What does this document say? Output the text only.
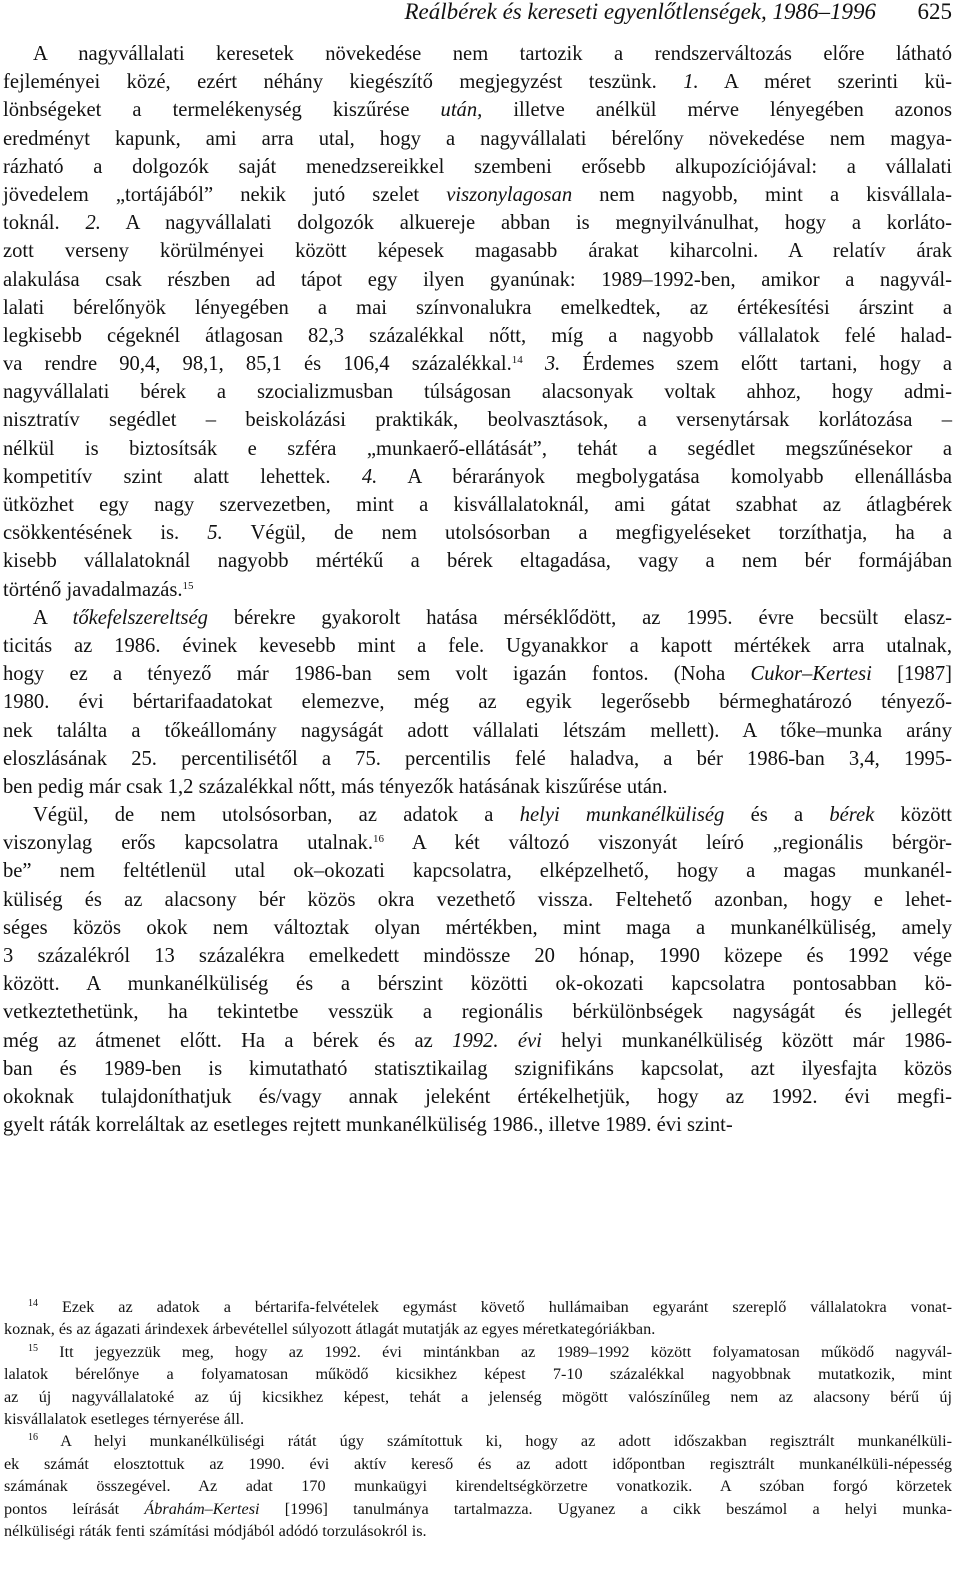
Reálbérek és kereseti egyenlőtlenségek, 1986–1996 625
A nagyvállalati keresetek növekedése nem tartozik a rendszerváltozás előre látható
fejleményei közé, ezért néhány kiegészítő megjegyzést teszünk. 1. A méret szerinti kü-
lönbségeket a termelékenység kiszűrése után, illetve anélkül mérve lényegében azonos
eredményt kapunk, ami arra utal, hogy a nagyvállalati bérelőny növekedése nem magya-
rázható a dolgozók saját menedzsereikkel szembeni erősebb alkupozíciójával: a vállalati
jövedelem „tortájából” nekik jutó szelet viszonylagosan nem nagyobb, mint a kisvállala-
toknál. 2. A nagyvállalati dolgozók alkuereje abban is megnyilvánulhat, hogy a korláto-
zott verseny körülményei között képesek magasabb árakat kiharcolni. A relatív árak
alakulása csak részben ad tápot egy ilyen gyanúnak: 1989–1992-ben, amikor a nagyvál-
lalati bérelőnyök lényegében a mai színvonalukra emelkedtek, az értékesítési árszint a
legkisebb cégeknél átlagosan 82,3 százalékkal nőtt, míg a nagyobb vállalatok felé halad-
va rendre 90,4, 98,1, 85,1 és 106,4 százalékkal.$^{14}$ 3. Érdemes szem előtt tartani, hogy a
nagyvállalati bérek a szocializmusban túlságosan alacsonyak voltak ahhoz, hogy admi-
nisztratív segédlet – beiskolázási praktikák, beolvasztások, a versenytársak korlátozása –
nélkül is biztosítsák e szféra „munkaerő-ellátását”, tehát a segédlet megszűnésekor a
kompetitív szint alatt lehettek. 4. A bérarányok megbolygatása komolyabb ellenállásba
ütközhet egy nagy szervezetben, mint a kisvállalatoknál, ami gátat szabhat az átlagbérek
csökkentésének is. 5. Végül, de nem utolsósorban a megfigyeléseket torzíthatja, ha a
kisebb vállalatoknál nagyobb mértékű a bérek eltagadása, vagy a nem bér formájában
történő javadalmazás.$^{15}$
A tőkefelszereltség bérekre gyakorolt hatása mérséklődött, az 1995. évre becsült elasz-
ticitás az 1986. évinek kevesebb mint a fele. Ugyanakkor a kapott mértékek arra utalnak,
hogy ez a tényező már 1986-ban sem volt igazán fontos. (Noha Cukor–Kertesi [1987]
1980. évi bértarifaadatokat elemezve, még az egyik legerősebb bérmeghatározó tényező-
nek találta a tőkeállomány nagyságát adott vállalati létszám mellett). A tőke–munka arány
eloszlásának 25. percentilisétől a 75. percentilis felé haladva, a bér 1986-ban 3,4, 1995-
ben pedig már csak 1,2 százalékkal nőtt, más tényezők hatásának kiszűrése után.
Végül, de nem utolsósorban, az adatok a helyi munkanélküliség és a bérek között
viszonylag erős kapcsolatra utalnak.$^{16}$ A két változó viszonyát leíró „regionális bérgör-
be” nem feltétlenül utal ok–okozati kapcsolatra, elképzelhető, hogy a magas munkanél-
küliség és az alacsony bér közös okra vezethető vissza. Feltehető azonban, hogy e lehet-
séges közös okok nem változtak olyan mértékben, mint maga a munkanélküliség, amely
3 százalékról 13 százalékra emelkedett mindössze 20 hónap, 1990 közepe és 1992 vége
között. A munkanélküliség és a bérszint közötti ok-okozati kapcsolatra pontosabban kö-
vetkeztethetünk, ha tekintetbe vesszük a regionális bérkülönbségek nagyságát és jellegét
még az átmenet előtt. Ha a bérek és az 1992. évi helyi munkanélküliség között már 1986-
ban és 1989-ben is kimutatható statisztikailag szignifikáns kapcsolat, azt ilyesfajta közös
okoknak tulajdoníthatjuk és/vagy annak jeleként értékelhetjük, hogy az 1992. évi megfi-
gyelt ráták korreláltak az esetleges rejtett munkanélküliség 1986., illetve 1989. évi szint-
$^{14}$ Ezek az adatok a bértarifa-felvételek egymást követő hullámaiban egyaránt szereplő vállalatokra vonat-
koznak, és az ágazati árindexek árbevétellel súlyozott átlagát mutatják az egyes méretkategóriákban.
$^{15}$ Itt jegyezzük meg, hogy az 1992. évi mintánkban az 1989–1992 között folyamatosan működő nagyvál-
lalatok bérelőnye a folyamatosan működő kicsikhez képest 7-10 százalékkal nagyobbnak mutatkozik, mint
az új nagyvállalatoké az új kicsikhez képest, tehát a jelenség mögött valószínűleg nem az alacsony bérű új
kisvállalatok esetleges térnyerése áll.
$^{16}$ A helyi munkanélküliségi rátát úgy számítottuk ki, hogy az adott időszakban regisztrált munkanélküli-
ek számát elosztottuk az 1990. évi aktív kereső és az adott időpontban regisztrált munkanélküli-népesség
számának összegével. Az adat 170 munkaügyi kirendeltségkörzetre vonatkozik. A szóban forgó körzetek
pontos leírását Ábrahám–Kertesi [1996] tanulmánya tartalmazza. Ugyanez a cikk beszámol a helyi munka-
nélküliségi ráták fenti számítási módjából adódó torzulásokról is.
